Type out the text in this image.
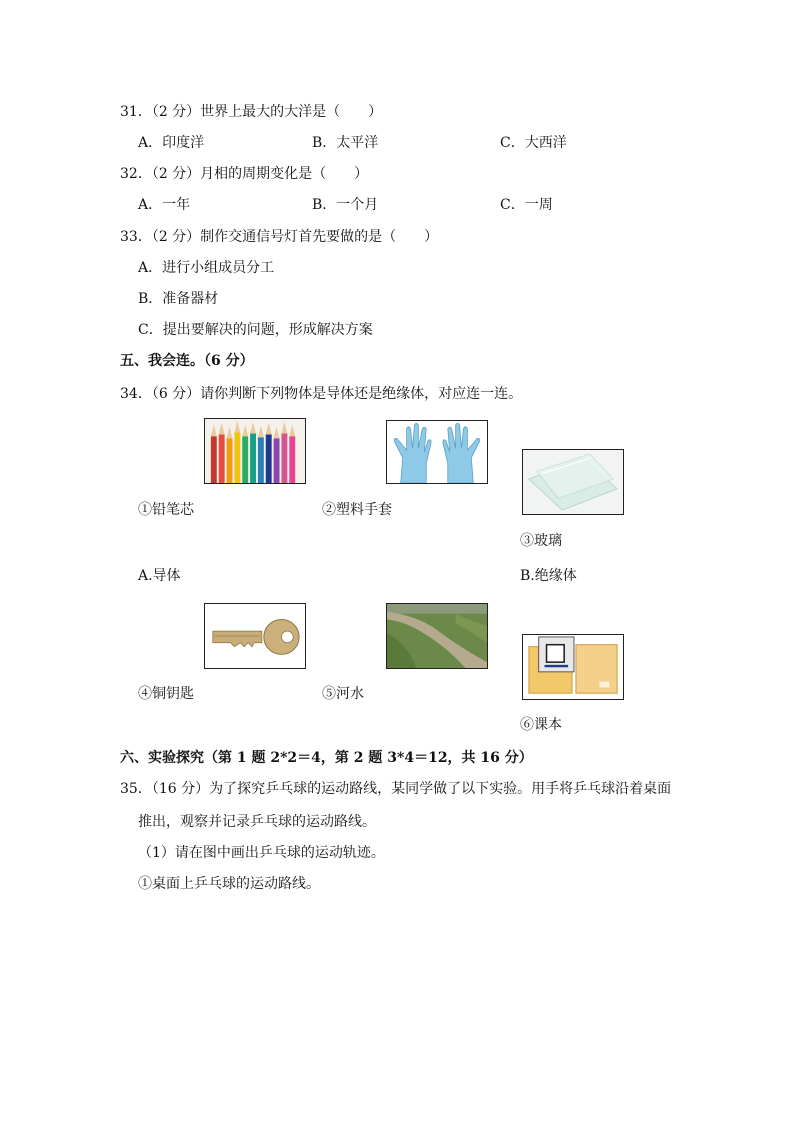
31．（2 分）世界上最大的大洋是（　　）
A．印度洋	B．太平洋	C．大西洋
32．（2 分）月相的周期变化是（　　）
A．一年	B．一个月	C．一周
33．（2 分）制作交通信号灯首先要做的是（　　）
A．进行小组成员分工
B．准备器材
C．提出要解决的问题，形成解决方案
五、我会连。（6 分）
34．（6 分）请你判断下列物体是导体还是绝缘体，对应连一连。
①铅笔芯	②塑料手套
③玻璃
A.导体	B.绝缘体
④铜钥匙	⑤河水
⑥课本
六、实验探究（第 1 题 2*2＝4，第 2 题 3*4＝12，共 16 分）
35．（16 分）为了探究乒乓球的运动路线，某同学做了以下实验。用手将乒乓球沿着桌面
推出，观察并记录乒乓球的运动路线。
（1）请在图中画出乒乓球的运动轨迹。
①桌面上乒乓球的运动路线。
